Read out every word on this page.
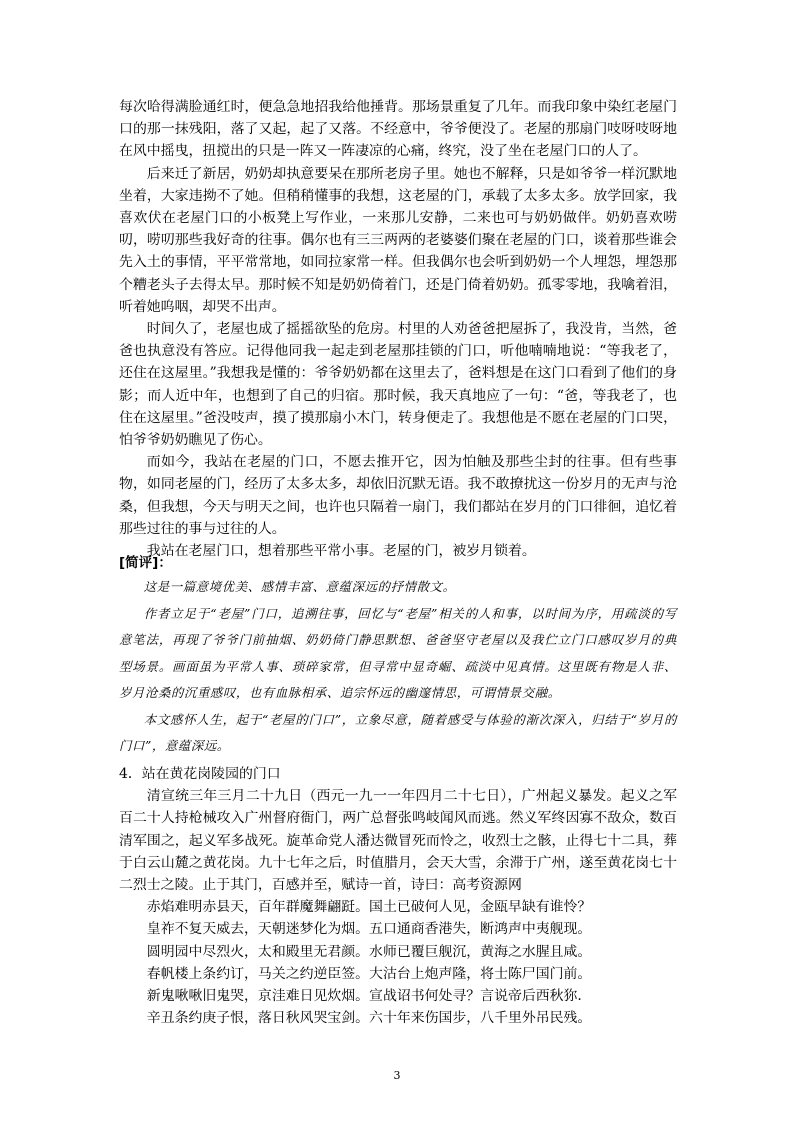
每次哈得满脸通红时，便急急地招我给他捶背。那场景重复了几年。而我印象中染红老屋门口的那一抹残阳，落了又起，起了又落。不经意中，爷爷便没了。老屋的那扇门吱呀吱呀地在风中摇曳，扭搅出的只是一阵又一阵凄凉的心痛，终究，没了坐在老屋门口的人了。

后来迁了新居，奶奶却执意要呆在那所老房子里。她也不解释，只是如爷爷一样沉默地坐着，大家违拗不了她。但稍稍懂事的我想，这老屋的门，承载了太多太多。放学回家，我喜欢伏在老屋门口的小板凳上写作业，一来那儿安静，二来也可与奶奶做伴。奶奶喜欢唠叨，唠叨那些我好奇的往事。偶尔也有三三两两的老婆婆们聚在老屋的门口，谈着那些谁会先入土的事情，平平常常地，如同拉家常一样。但我偶尔也会听到奶奶一个人埋怨，埋怨那个糟老头子去得太早。那时候不知是奶奶倚着门，还是门倚着奶奶。孤零零地，我噙着泪，听着她呜咽，却哭不出声。

时间久了，老屋也成了摇摇欲坠的危房。村里的人劝爸爸把屋拆了，我没肯，当然，爸爸也执意没有答应。记得他同我一起走到老屋那挂锁的门口，听他喃喃地说：“等我老了，还住在这屋里。”我想我是懂的：爷爷奶奶都在这里去了，爸料想是在这门口看到了他们的身影；而人近中年，也想到了自己的归宿。那时候，我天真地应了一句：“爸，等我老了，也住在这屋里。”爸没吱声，摸了摸那扇小木门，转身便走了。我想他是不愿在老屋的门口哭，怕爷爷奶奶瞧见了伤心。

而如今，我站在老屋的门口，不愿去推开它，因为怕触及那些尘封的往事。但有些事物，如同老屋的门，经历了太多太多，却依旧沉默无语。我不敢撩扰这一份岁月的无声与沧桑，但我想，今天与明天之间，也许也只隔着一扇门，我们都站在岁月的门口徘徊，追忆着那些过往的事与过往的人。

我站在老屋门口，想着那些平常小事。老屋的门，被岁月锁着。

[简评]：

这是一篇意境优美、感情丰富、意蕴深远的抒情散文。

作者立足于“老屋”门口，追溯往事，回忆与“老屋”相关的人和事，以时间为序，用疏淡的写意笔法，再现了爷爷门前抽烟、奶奶倚门静思默想、爸爸坚守老屋以及我伫立门口感叹岁月的典型场景。画面虽为平常人事、琐碎家常，但寻常中显奇崛、疏淡中见真情。这里既有物是人非、岁月沧桑的沉重感叹，也有血脉相承、追宗怀远的幽邃情思，可谓情景交融。

本文感怀人生，起于“老屋的门口”，立象尽意，随着感受与体验的渐次深入，归结于“岁月的门口”，意蕴深远。

4．站在黄花岗陵园的门口

清宣统三年三月二十九日（西元一九一一年四月二十七日），广州起义暴发。起义之军百二十人持枪械攻入广州督府衙门，两广总督张鸣岐闻风而逃。然义军终因寡不敌众，数百清军围之，起义军多战死。旋革命党人潘达微冒死而怜之，收烈士之骸，止得七十二具，葬于白云山麓之黄花岗。九十七年之后，时值腊月，会天大雪，余滞于广州，遂至黄花岗七十二烈士之陵。止于其门，百感并至，赋诗一首，诗曰：高考资源网

赤焰难明赤县天，百年群魔舞翩跹。国土已破何人见，金瓯早缺有谁怜？

皇祚不复天威去，天朝迷梦化为烟。五口通商香港失，断鸿声中夷舰现。

圆明园中尽烈火，太和殿里无君颜。水师已覆巨舰沉，黄海之水腥且咸。

春帆楼上条约订，马关之约逆臣签。大沽台上炮声隆，将士陈尸国门前。

新鬼啾啾旧鬼哭，京洼难日见炊烟。宣战诏书何处寻？言说帝后西秋狝.

辛丑条约庚子恨，落日秋风哭宝剑。六十年来伤国步，八千里外吊民残。

3
